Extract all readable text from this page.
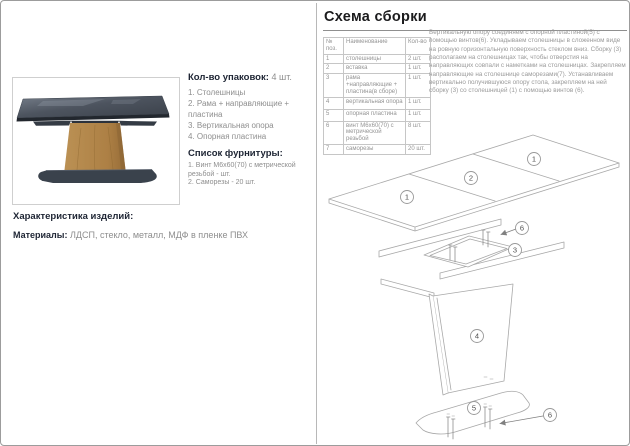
Кол-во упаковок: 4 шт.
1. Столешницы
2. Рама + направляющие + пластина
3. Вертикальная опора
4. Опорная пластина
Список фурнитуры:
1. Винт М6х60(70) с метрической резьбой - шт.
2. Саморезы - 20 шт.
Характеристика изделий:
Материалы: ЛДСП, стекло, металл, МДФ в пленке ПВХ
Схема сборки
№ поз.	Наименование	Кол-во
1	столешницы	2 шт.
2	вставка	1 шт.
3	рама +направляющие + пластина(в сборе)	1 шт.
4	вертикальная опора	1 шт.
5	опорная пластина	1 шт.
6	винт М6х60(70) с метрической резьбой	8 шт.
7	саморезы	20 шт.
Вертикальную опору соединяем с опорной пластиной(5) с помощью винтов(6). Укладываем столешницы в сложенном виде на ровную горизонтальную поверхность стеклом вниз. Сборку (3) располагаем на столешницах так, чтобы отверстия на направляющих совпали с наметками на столешницах. Закрепляем направляющие на столешнице саморезами(7). Устанавливаем вертикально получившуюся опору стола, закрепляем на ней сборку (3) со столешницей (1) с помощью винтов (6).
1
2
1
6
3
4
5
6
